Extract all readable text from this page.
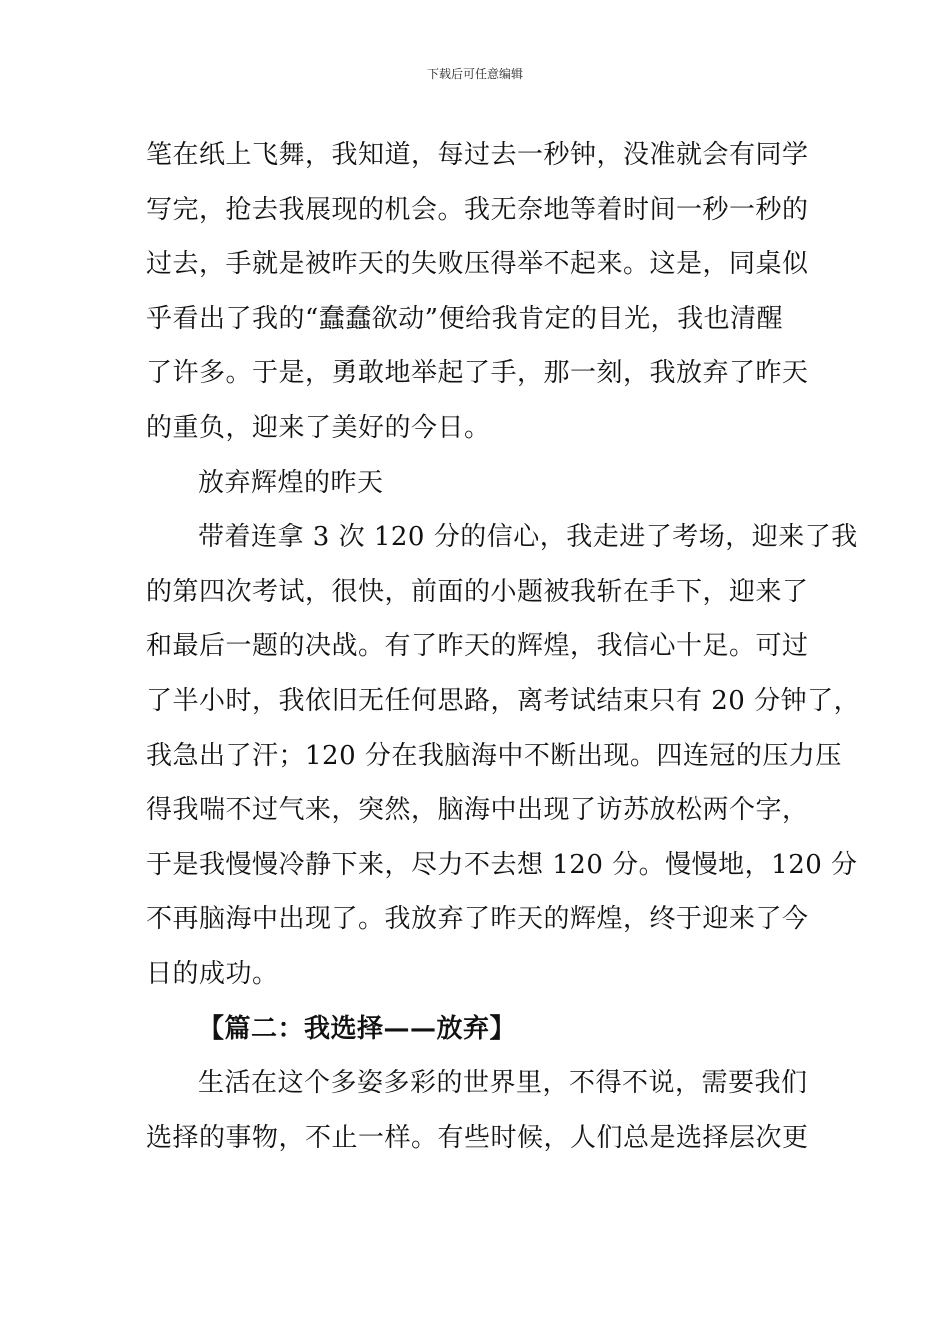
下载后可任意编辑
笔在纸上飞舞，我知道，每过去一秒钟，没准就会有同学
写完，抢去我展现的机会。我无奈地等着时间一秒一秒的
过去，手就是被昨天的失败压得举不起来。这是，同桌似
乎看出了我的“蠢蠢欲动”便给我肯定的目光，我也清醒
了许多。于是，勇敢地举起了手，那一刻，我放弃了昨天
的重负，迎来了美好的今日。
放弃辉煌的昨天
带着连拿 3 次 120 分的信心，我走进了考场，迎来了我
的第四次考试，很快，前面的小题被我斩在手下，迎来了
和最后一题的决战。有了昨天的辉煌，我信心十足。可过
了半小时，我依旧无任何思路，离考试结束只有 20 分钟了，
我急出了汗；120 分在我脑海中不断出现。四连冠的压力压
得我喘不过气来，突然，脑海中出现了访苏放松两个字，
于是我慢慢冷静下来，尽力不去想 120 分。慢慢地，120 分
不再脑海中出现了。我放弃了昨天的辉煌，终于迎来了今
日的成功。
【篇二：我选择——放弃】
生活在这个多姿多彩的世界里，不得不说，需要我们
选择的事物，不止一样。有些时候，人们总是选择层次更
